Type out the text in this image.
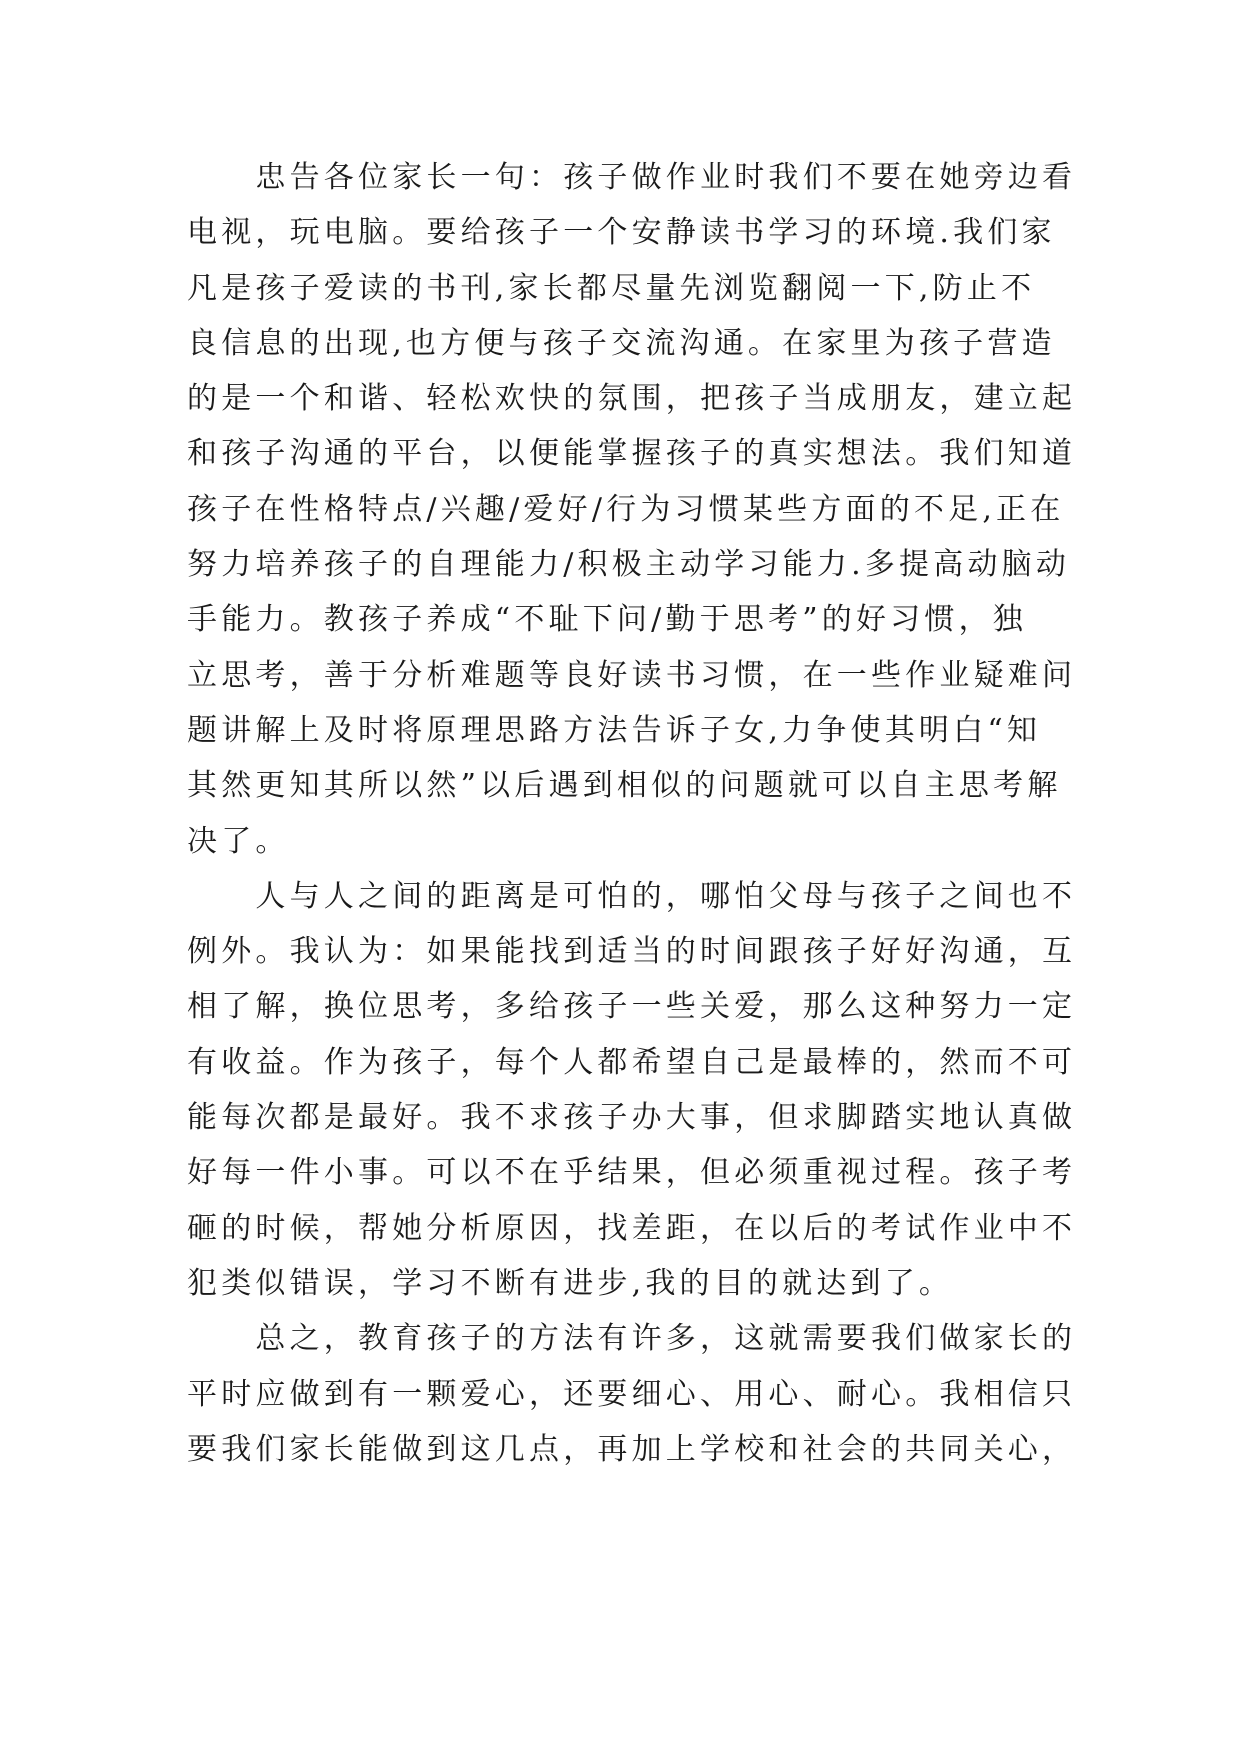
　　忠告各位家长一句：孩子做作业时我们不要在她旁边看
电视，玩电脑。要给孩子一个安静读书学习的环境.我们家
凡是孩子爱读的书刊,家长都尽量先浏览翻阅一下,防止不
良信息的出现,也方便与孩子交流沟通。在家里为孩子营造
的是一个和谐、轻松欢快的氛围，把孩子当成朋友，建立起
和孩子沟通的平台，以便能掌握孩子的真实想法。我们知道
孩子在性格特点/兴趣/爱好/行为习惯某些方面的不足,正在
努力培养孩子的自理能力/积极主动学习能力.多提高动脑动
手能力。教孩子养成“不耻下问/勤于思考”的好习惯，独
立思考，善于分析难题等良好读书习惯，在一些作业疑难问
题讲解上及时将原理思路方法告诉子女,力争使其明白“知
其然更知其所以然”以后遇到相似的问题就可以自主思考解
决了。
　　人与人之间的距离是可怕的，哪怕父母与孩子之间也不
例外。我认为：如果能找到适当的时间跟孩子好好沟通，互
相了解，换位思考，多给孩子一些关爱，那么这种努力一定
有收益。作为孩子，每个人都希望自己是最棒的，然而不可
能每次都是最好。我不求孩子办大事，但求脚踏实地认真做
好每一件小事。可以不在乎结果，但必须重视过程。孩子考
砸的时候，帮她分析原因，找差距，在以后的考试作业中不
犯类似错误，学习不断有进步,我的目的就达到了。
　　总之，教育孩子的方法有许多，这就需要我们做家长的
平时应做到有一颗爱心，还要细心、用心、耐心。我相信只
要我们家长能做到这几点，再加上学校和社会的共同关心，
